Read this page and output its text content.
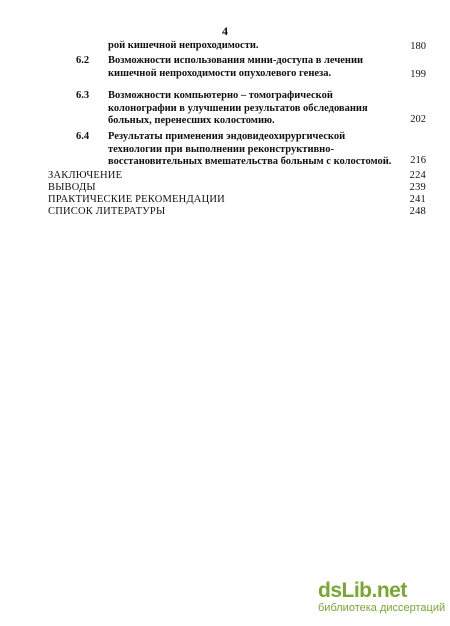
4
рой кишечной непроходимости.	180
6.2 Возможности использования мини-доступа в лечении кишечной непроходимости опухолевого генеза.	199
6.3 Возможности компьютерно – томографической колонографии в улучшении результатов обследования больных, перенесших колостомию.	202
6.4 Результаты применения эндовидеохирургической технологии при выполнении реконструктивно-восстановительных вмешательства больным с колостомой. 216
ЗАКЛЮЧЕНИЕ	224
ВЫВОДЫ	239
ПРАКТИЧЕСКИЕ РЕКОМЕНДАЦИИ	241
СПИСОК ЛИТЕРАТУРЫ	248
dsLib.net
библиотека диссертаций
